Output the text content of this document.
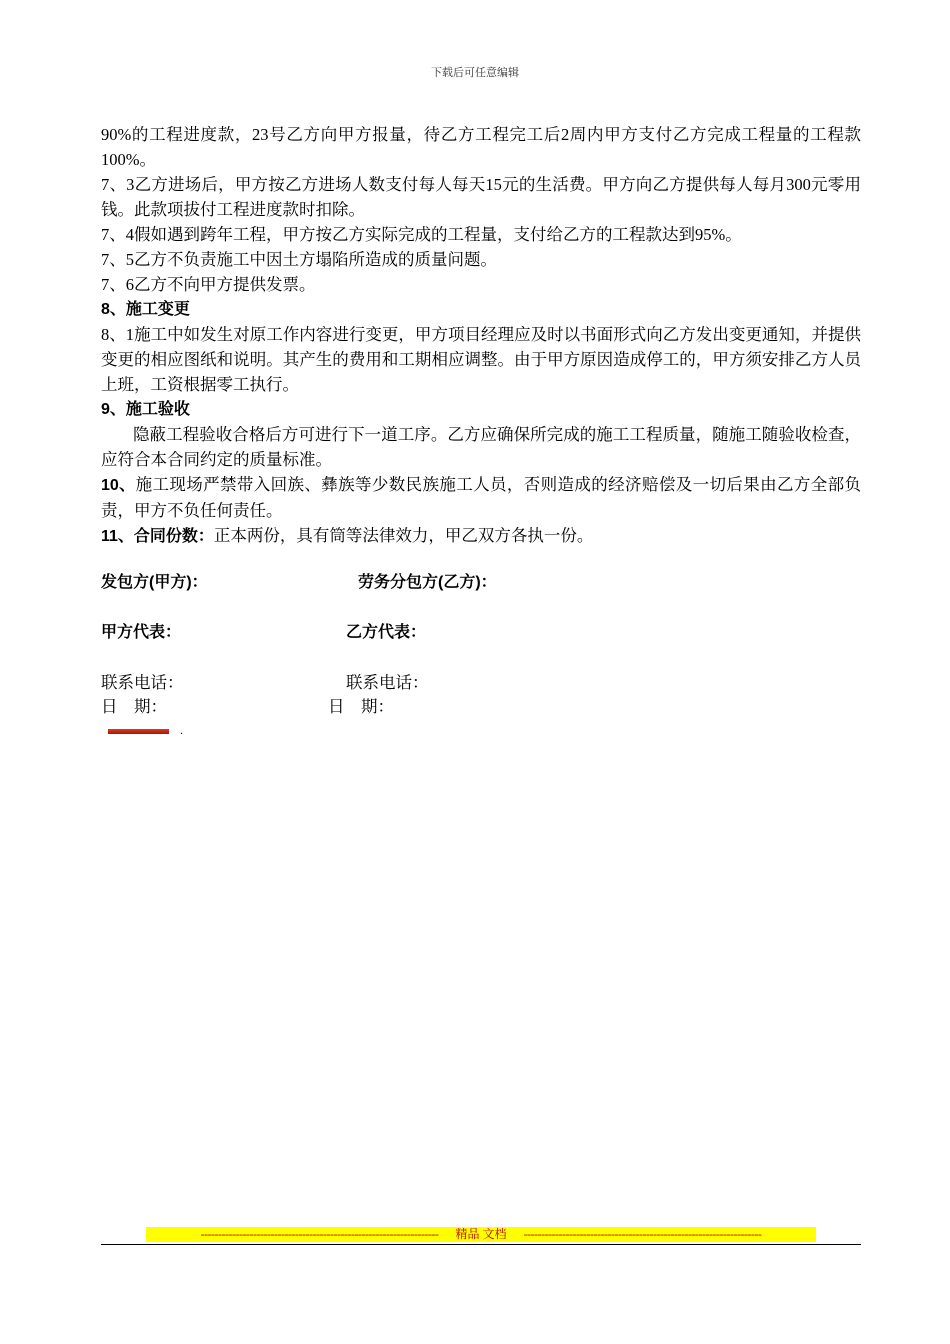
下载后可任意编辑

90%的工程进度款，23号乙方向甲方报量，待乙方工程完工后2周内甲方支付乙方完成工程量的工程款100%。

7、3乙方进场后，甲方按乙方进场人数支付每人每天15元的生活费。甲方向乙方提供每人每月300元零用钱。此款项拔付工程进度款时扣除。

7、4假如遇到跨年工程，甲方按乙方实际完成的工程量，支付给乙方的工程款达到95%。

7、5乙方不负责施工中因土方塌陷所造成的质量问题。

7、6乙方不向甲方提供发票。

8、施工变更

8、1施工中如发生对原工作内容进行变更，甲方项目经理应及时以书面形式向乙方发出变更通知，并提供变更的相应图纸和说明。其产生的费用和工期相应调整。由于甲方原因造成停工的，甲方须安排乙方人员上班，工资根据零工执行。

9、施工验收

隐蔽工程验收合格后方可进行下一道工序。乙方应确保所完成的施工工程质量，随施工随验收检查，应符合本合同约定的质量标准。

10、施工现场严禁带入回族、彝族等少数民族施工人员，否则造成的经济赔偿及一切后果由乙方全部负责，甲方不负任何责任。

11、合同份数：正本两份，具有筒等法律效力，甲乙双方各执一份。

发包方(甲方)：	劳务分包方(乙方)：
甲方代表：	乙方代表：
联系电话：	联系电话：
日　期：	日　期：
.
-------------------------------------------------------------------- 精品 文档 --------------------------------------------------------------------
